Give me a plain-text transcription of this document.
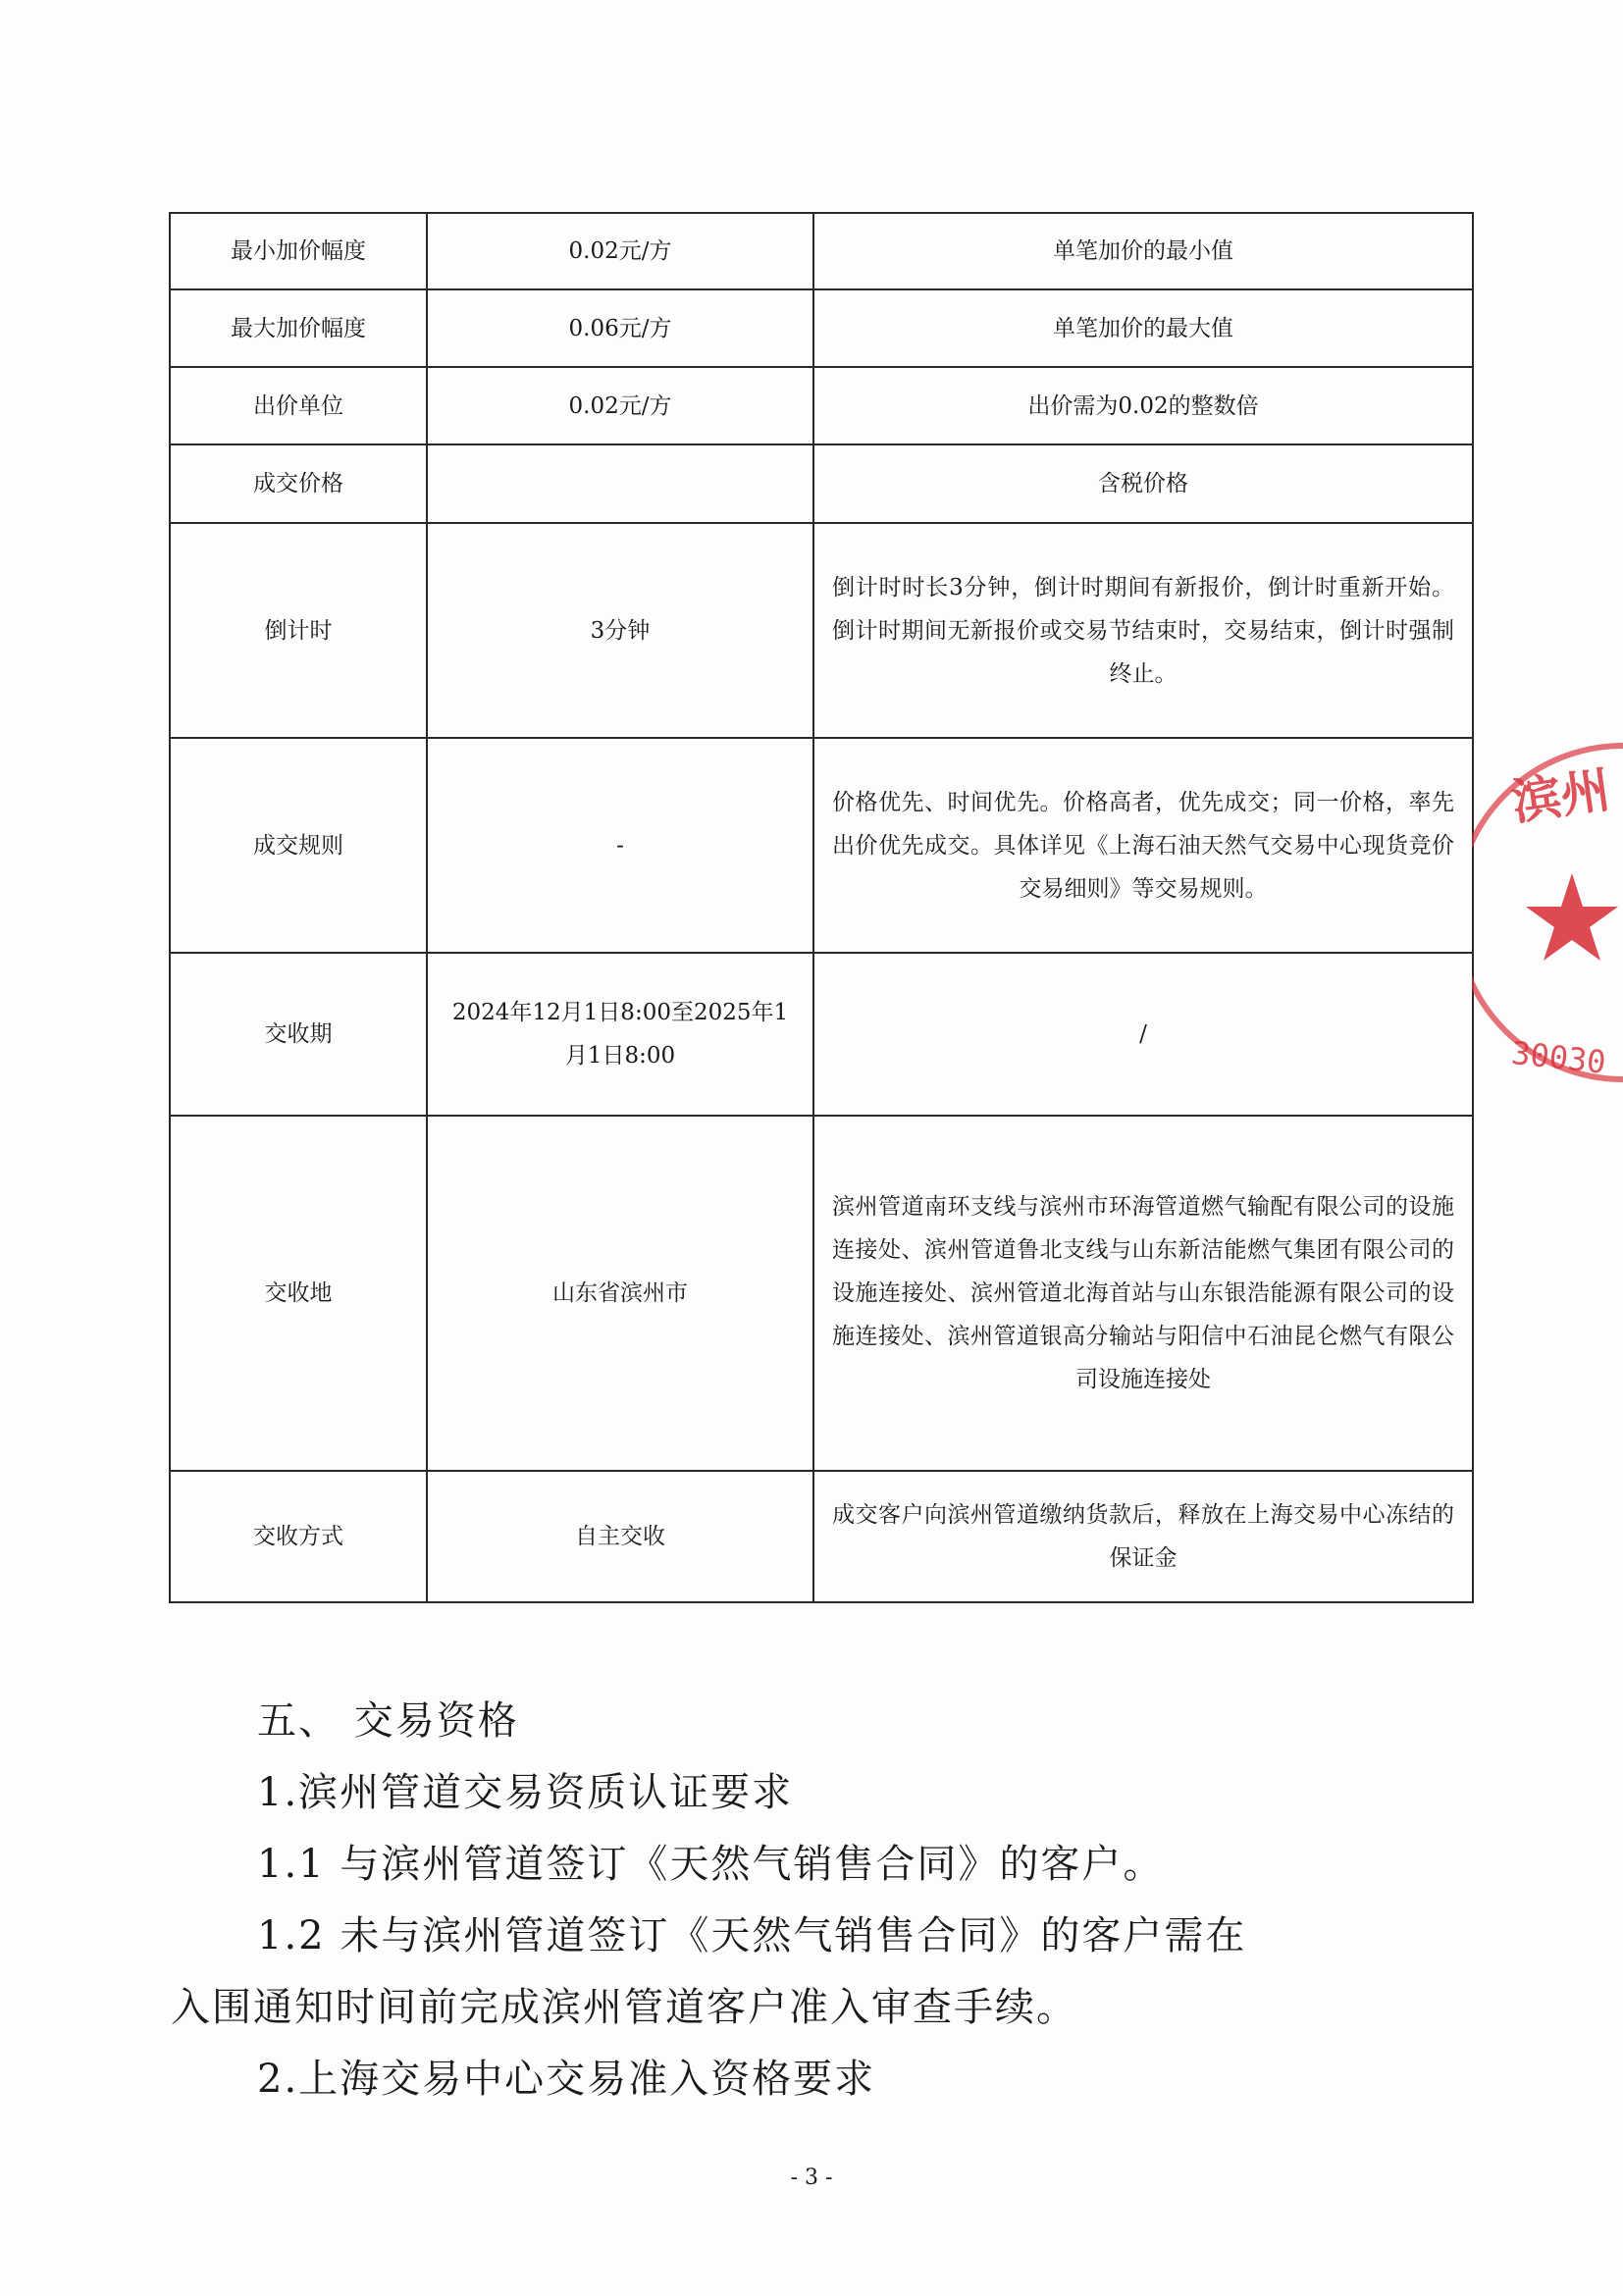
最小加价幅度	0.02元/方	单笔加价的最小值
最大加价幅度	0.06元/方	单笔加价的最大值
出价单位	0.02元/方	出价需为0.02的整数倍
成交价格		含税价格
倒计时	3分钟	倒计时时长3分钟，倒计时期间有新报价，倒计时重新开始。倒计时期间无新报价或交易节结束时，交易结束，倒计时强制终止。
成交规则	-	价格优先、时间优先。价格高者，优先成交；同一价格，率先出价优先成交。具体详见《上海石油天然气交易中心现货竞价交易细则》等交易规则。
交收期	2024年12月1日8:00至2025年1月1日8:00	/
交收地	山东省滨州市	滨州管道南环支线与滨州市环海管道燃气输配有限公司的设施连接处、滨州管道鲁北支线与山东新洁能燃气集团有限公司的设施连接处、滨州管道北海首站与山东银浩能源有限公司的设施连接处、滨州管道银高分输站与阳信中石油昆仑燃气有限公司设施连接处
交收方式	自主交收	成交客户向滨州管道缴纳货款后，释放在上海交易中心冻结的保证金

五、 交易资格

1.滨州管道交易资质认证要求

1.1 与滨州管道签订《天然气销售合同》的客户。

1.2 未与滨州管道签订《天然气销售合同》的客户需在

入围通知时间前完成滨州管道客户准入审查手续。

2.上海交易中心交易准入资格要求

- 3 -
滨州
30030
